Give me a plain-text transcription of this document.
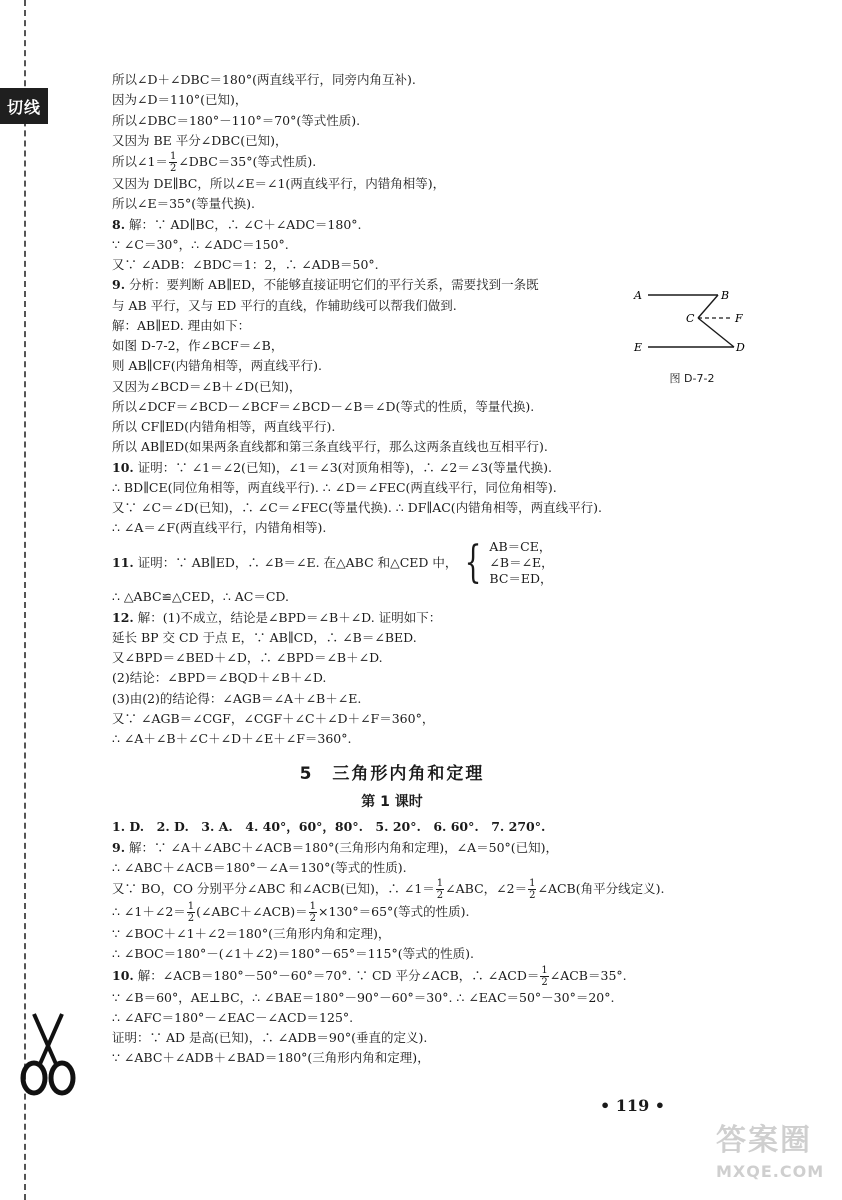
切线
A	B
C	F
E	D
图 D-7-2
所以∠D＋∠DBC＝180°(两直线平行，同旁内角互补).
因为∠D＝110°(已知)，
所以∠DBC＝180°－110°＝70°(等式性质).
又因为 BE 平分∠DBC(已知)，
所以∠1＝ $\frac{1}{2}$ ∠DBC＝35°(等式性质).
又因为 DE∥BC，所以∠E＝∠1(两直线平行，内错角相等)，
所以∠E＝35°(等量代换).
8. 解：∵ AD∥BC，∴ ∠C＋∠ADC＝180°.
∵ ∠C＝30°，∴ ∠ADC＝150°.
又∵ ∠ADB：∠BDC＝1：2，∴ ∠ADB＝50°.
9. 分析：要判断 AB∥ED，不能够直接证明它们的平行关系，需要找到一条既
与 AB 平行，又与 ED 平行的直线，作辅助线可以帮我们做到.
解：AB∥ED. 理由如下：
如图 D-7-2，作∠BCF＝∠B，
则 AB∥CF(内错角相等，两直线平行).
又因为∠BCD＝∠B＋∠D(已知)，
所以∠DCF＝∠BCD－∠BCF＝∠BCD－∠B＝∠D(等式的性质，等量代换).
所以 CF∥ED(内错角相等，两直线平行).
所以 AB∥ED(如果两条直线都和第三条直线平行，那么这两条直线也互相平行).
10. 证明：∵ ∠1＝∠2(已知)，∠1＝∠3(对顶角相等)，∴ ∠2＝∠3(等量代换).
∴ BD∥CE(同位角相等，两直线平行). ∴ ∠D＝∠FEC(两直线平行，同位角相等).
又∵ ∠C＝∠D(已知)，∴ ∠C＝∠FEC(等量代换). ∴ DF∥AC(内错角相等，两直线平行).
∴ ∠A＝∠F(两直线平行，内错角相等).
11. 证明：∵ AB∥ED，∴ ∠B＝∠E. 在△ABC 和△CED 中， { AB＝CE，
∠B＝∠E，
BC＝ED，
∴ △ABC≌△CED，∴ AC＝CD.
12. 解：(1)不成立，结论是∠BPD＝∠B＋∠D. 证明如下：
延长 BP 交 CD 于点 E，∵ AB∥CD，∴ ∠B＝∠BED.
又∠BPD＝∠BED＋∠D，∴ ∠BPD＝∠B＋∠D.
(2)结论：∠BPD＝∠BQD＋∠B＋∠D.
(3)由(2)的结论得：∠AGB＝∠A＋∠B＋∠E.
又∵ ∠AGB＝∠CGF，∠CGF＋∠C＋∠D＋∠F＝360°，
∴ ∠A＋∠B＋∠C＋∠D＋∠E＋∠F＝360°.
5　三角形内角和定理
第 1 课时
1. D.　2. D.　3. A.　4. 40°，60°，80°.　5. 20°.　6. 60°.　7. 270°.
9. 解：∵ ∠A＋∠ABC＋∠ACB＝180°(三角形内角和定理)，∠A＝50°(已知)，
∴ ∠ABC＋∠ACB＝180°－∠A＝130°(等式的性质).
又∵ BO，CO 分别平分∠ABC 和∠ACB(已知)，∴ ∠1＝ $\frac{1}{2}$ ∠ABC，∠2＝ $\frac{1}{2}$ ∠ACB(角平分线定义).
∴ ∠1＋∠2＝ $\frac{1}{2}$ (∠ABC＋∠ACB)＝ $\frac{1}{2} \times 130^\circ=65^\circ$(等式的性质).
∵ ∠BOC＋∠1＋∠2＝180°(三角形内角和定理)，
∴ ∠BOC＝180°－(∠1＋∠2)＝180°－65°＝115°(等式的性质).
10. 解：∠ACB＝180°－50°－60°＝70°. ∵ CD 平分∠ACB，∴ ∠ACD＝ $\frac{1}{2}$ ∠ACB＝35°.
∵ ∠B＝60°，AE⊥BC，∴ ∠BAE＝180°－90°－60°＝30°. ∴ ∠EAC＝50°－30°＝20°.
∴ ∠AFC＝180°－∠EAC－∠ACD＝125°.
证明：∵ AD 是高(已知)，∴ ∠ADB＝90°(垂直的定义).
∵ ∠ABC＋∠ADB＋∠BAD＝180°(三角形内角和定理)，
• 119 •
答案圈
MXQE.COM
